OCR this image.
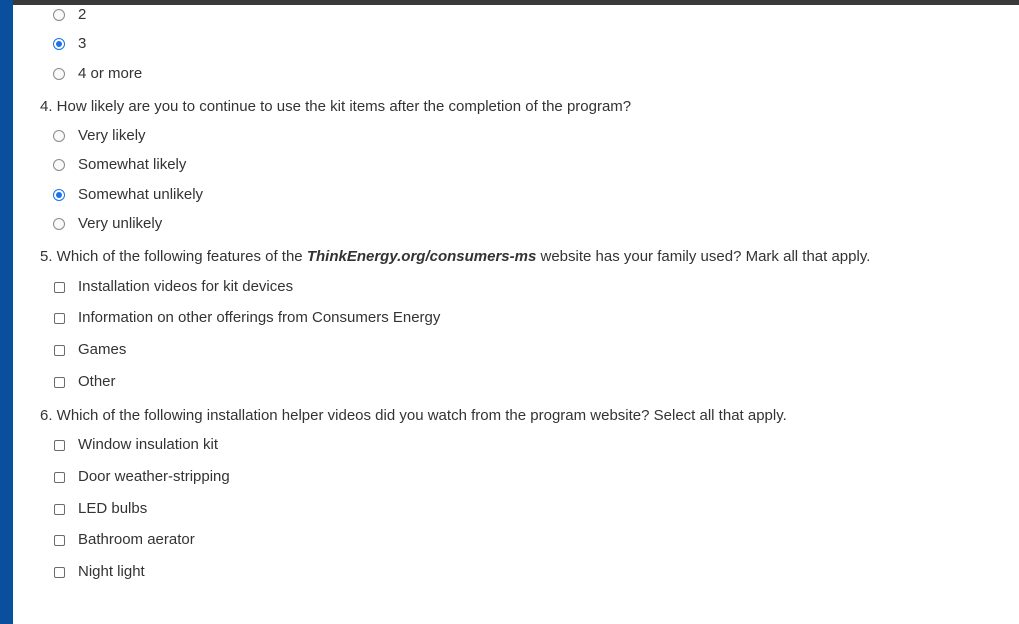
2
3
4 or more
4. How likely are you to continue to use the kit items after the completion of the program?
Very likely
Somewhat likely
Somewhat unlikely
Very unlikely
5. Which of the following features of the ThinkEnergy.org/consumers-ms website has your family used? Mark all that apply.
Installation videos for kit devices
Information on other offerings from Consumers Energy
Games
Other
6. Which of the following installation helper videos did you watch from the program website? Select all that apply.
Window insulation kit
Door weather-stripping
LED bulbs
Bathroom aerator
Night light
